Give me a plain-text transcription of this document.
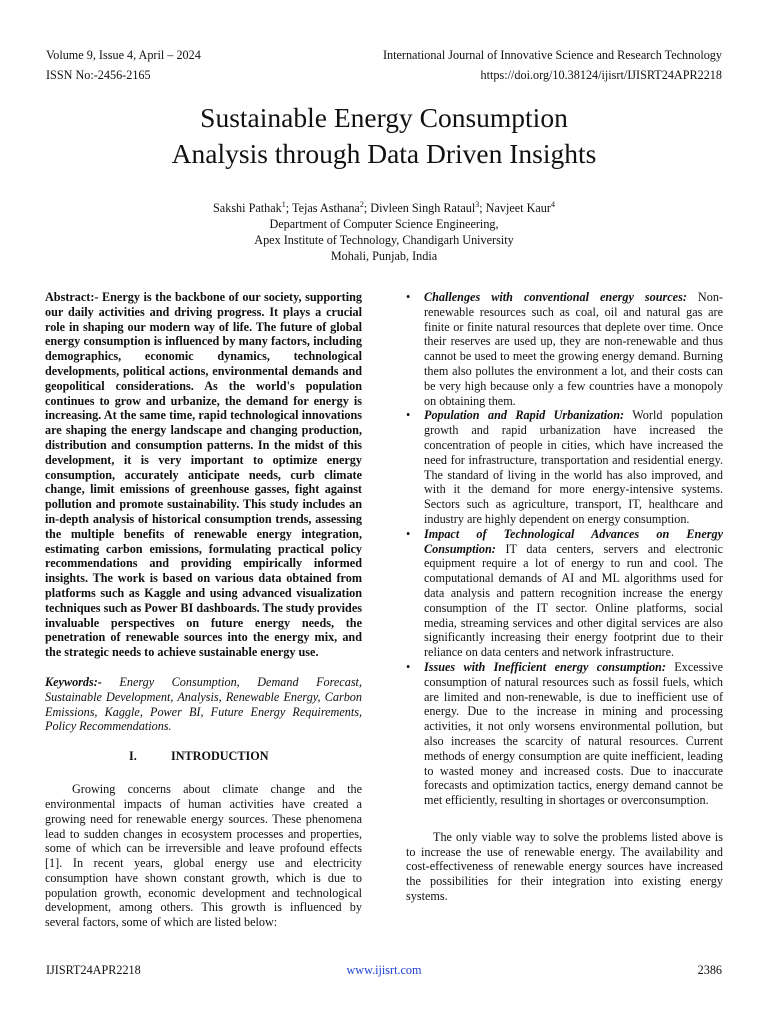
Volume 9, Issue 4, April – 2024
ISSN No:-2456-2165
International Journal of Innovative Science and Research Technology
https://doi.org/10.38124/ijisrt/IJISRT24APR2218
Sustainable Energy Consumption
Analysis through Data Driven Insights
Sakshi Pathak$^1$; Tejas Asthana$^2$; Divleen Singh Rataul$^3$; Navjeet Kaur$^4$
Department of Computer Science Engineering,
Apex Institute of Technology, Chandigarh University
Mohali, Punjab, India

Abstract:- Energy is the backbone of our society, supporting our daily activities and driving progress. It plays a crucial role in shaping our modern way of life. The future of global energy consumption is influenced by many factors, including demographics, economic dynamics, technological developments, political actions, environmental demands and geopolitical considerations. As the world's population continues to grow and urbanize, the demand for energy is increasing. At the same time, rapid technological innovations are shaping the energy landscape and changing production, distribution and consumption patterns. In the midst of this development, it is very important to optimize energy consumption, accurately anticipate needs, curb climate change, limit emissions of greenhouse gasses, fight against pollution and promote sustainability. This study includes an in-depth analysis of historical consumption trends, assessing the multiple benefits of renewable energy integration, estimating carbon emissions, formulating practical policy recommendations and providing empirically informed insights. The work is based on various data obtained from platforms such as Kaggle and using advanced visualization techniques such as Power BI dashboards. The study provides invaluable perspectives on future energy needs, the penetration of renewable sources into the energy mix, and the strategic needs to achieve sustainable energy use.

Keywords:- Energy Consumption, Demand Forecast, Sustainable Development, Analysis, Renewable Energy, Carbon Emissions, Kaggle, Power BI, Future Energy Requirements, Policy Recommendations.

I.	INTRODUCTION

Growing concerns about climate change and the environmental impacts of human activities have created a growing need for renewable energy sources. These phenomena lead to sudden changes in ecosystem processes and properties, some of which can be irreversible and leave profound effects [1]. In recent years, global energy use and electricity consumption have shown constant growth, which is due to population growth, economic development and technological development, among others. This growth is influenced by several factors, some of which are listed below:

• Challenges with conventional energy sources: Non-renewable resources such as coal, oil and natural gas are finite or finite natural resources that deplete over time. Once their reserves are used up, they are non-renewable and thus cannot be used to meet the growing energy demand. Burning them also pollutes the environment a lot, and their costs can be very high because only a few countries have a monopoly on obtaining them.
• Population and Rapid Urbanization: World population growth and rapid urbanization have increased the concentration of people in cities, which have increased the need for infrastructure, transportation and residential energy. The standard of living in the world has also improved, and with it the demand for more energy-intensive systems. Sectors such as agriculture, transport, IT, healthcare and industry are highly dependent on energy consumption.
• Impact of Technological Advances on Energy Consumption: IT data centers, servers and electronic equipment require a lot of energy to run and cool. The computational demands of AI and ML algorithms used for data analysis and pattern recognition increase the energy consumption of the IT sector. Online platforms, social media, streaming services and other digital services are also significantly increasing their energy footprint due to their reliance on data centers and network infrastructure.
• Issues with Inefficient energy consumption: Excessive consumption of natural resources such as fossil fuels, which are limited and non-renewable, is due to inefficient use of energy. Due to the increase in mining and processing activities, it not only worsens environmental pollution, but also increases the scarcity of natural resources. Current methods of energy consumption are quite inefficient, leading to wasted money and increased costs. Due to inaccurate forecasts and optimization tactics, energy demand cannot be met efficiently, resulting in shortages or overconsumption.

The only viable way to solve the problems listed above is to increase the use of renewable energy. The availability and cost-effectiveness of renewable energy sources have increased the possibilities for their integration into existing energy systems.

IJISRT24APR2218	www.ijisrt.com	2386
